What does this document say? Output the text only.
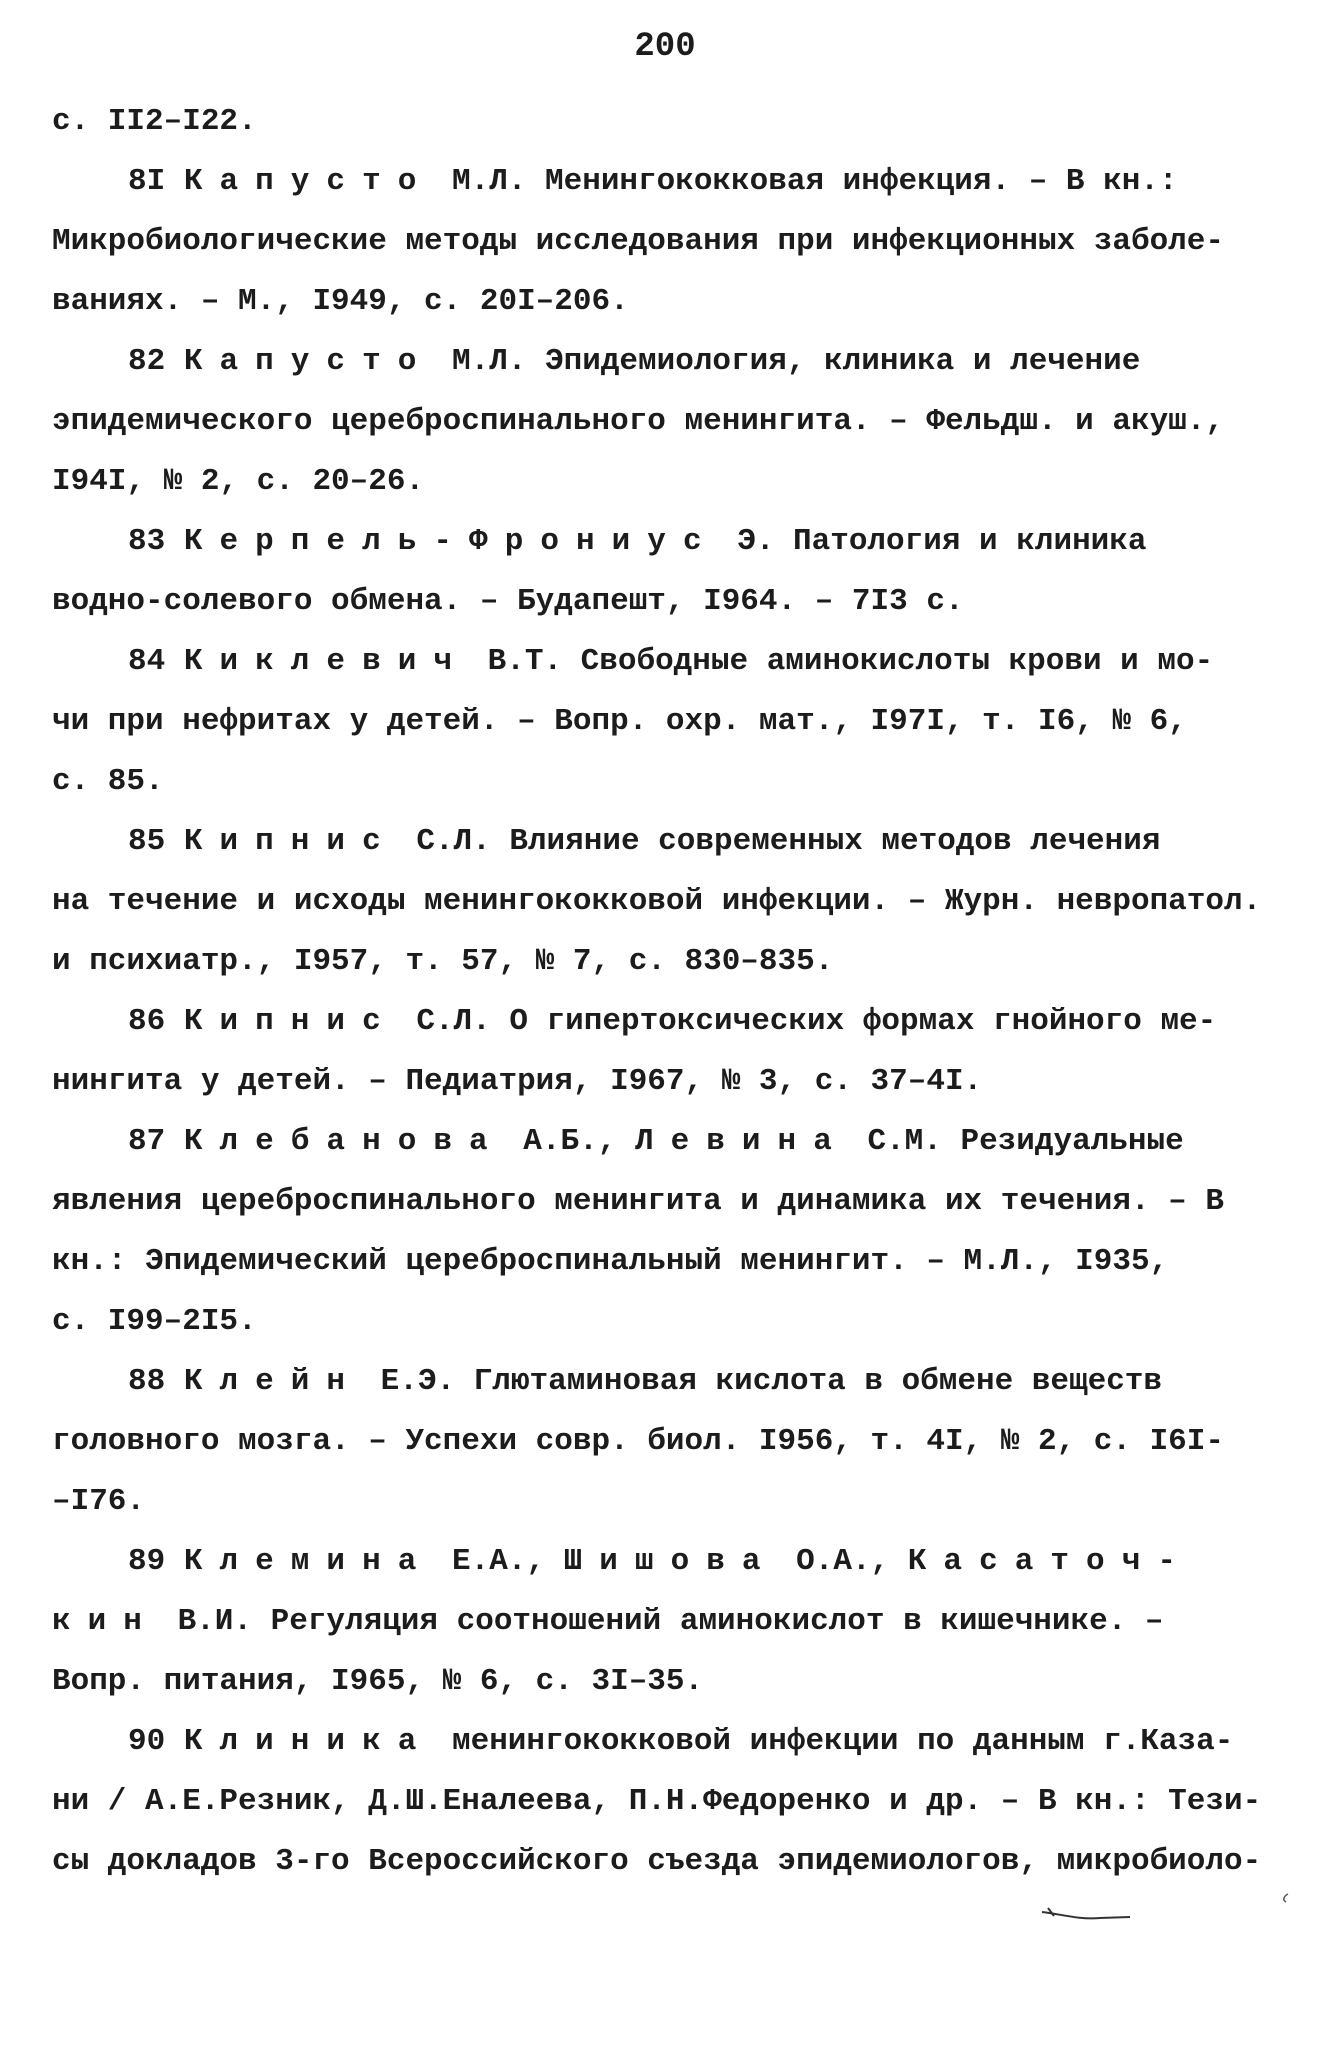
200
с. II2–I22.
8I Капусто М.Л. Менингококковая инфекция. – В кн.:
Микробиологические методы исследования при инфекционных заболе-
ваниях. – М., I949, с. 20I–206.
82 Капусто М.Л. Эпидемиология, клиника и лечение
эпидемического цереброспинального менингита. – Фельдш. и акуш.,
I94I, № 2, с. 20–26.
83 Керпель-Фрониус Э. Патология и клиника
водно-солевого обмена. – Будапешт, I964. – 7I3 с.
84 Киклевич В.Т. Свободные аминокислоты крови и мо-
чи при нефритах у детей. – Вопр. охр. мат., I97I, т. I6, № 6,
с. 85.
85 Кипнис С.Л. Влияние современных методов лечения
на течение и исходы менингококковой инфекции. – Журн. невропатол.
и психиатр., I957, т. 57, № 7, с. 830–835.
86 Кипнис С.Л. О гипертоксических формах гнойного ме-
нингита у детей. – Педиатрия, I967, № 3, с. 37–4I.
87 Клебанова А.Б., Левина С.М. Резидуальные
явления цереброспинального менингита и динамика их течения. – В
кн.: Эпидемический цереброспинальный менингит. – М.Л., I935,
с. I99–2I5.
88 Клейн Е.Э. Глютаминовая кислота в обмене веществ
головного мозга. – Успехи совр. биол. I956, т. 4I, № 2, с. I6I-
–I76.
89 Клемина Е.А., Шишова О.А., Касаточ-
кин В.И. Регуляция соотношений аминокислот в кишечнике. –
Вопр. питания, I965, № 6, с. 3I–35.
90 Клиника менингококковой инфекции по данным г.Каза-
ни / А.Е.Резник, Д.Ш.Еналеева, П.Н.Федоренко и др. – В кн.: Тези-
сы докладов 3-го Всероссийского съезда эпидемиологов, микробиоло-
